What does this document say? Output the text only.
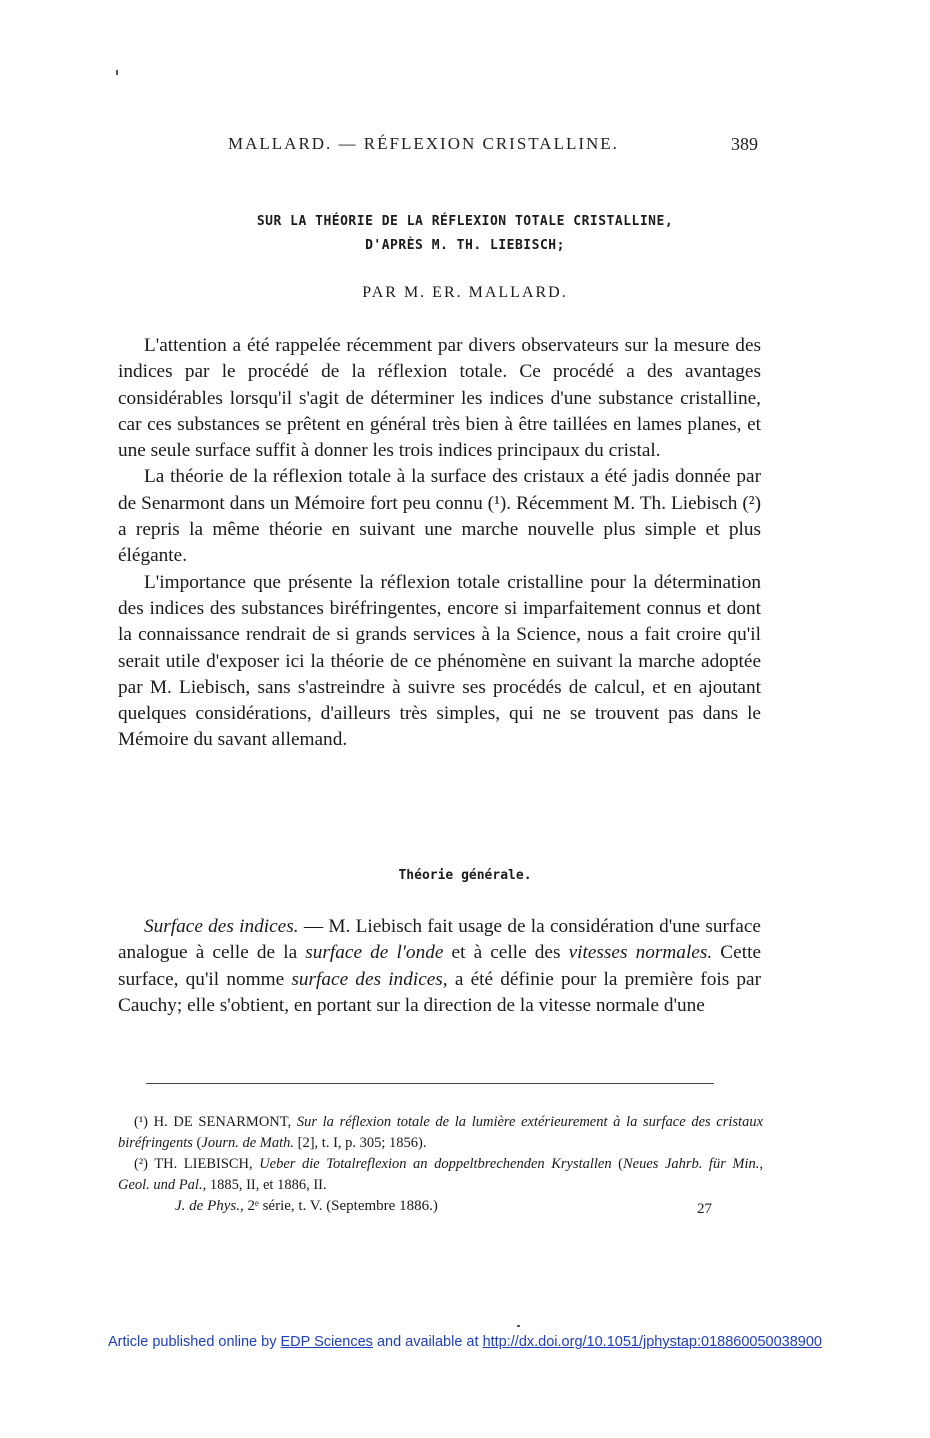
MALLARD. — RÉFLEXION CRISTALLINE.	389
SUR LA THÉORIE DE LA RÉFLEXION TOTALE CRISTALLINE,
D'APRÈS M. TH. LIEBISCH;
PAR M. ER. MALLARD.

L'attention a été rappelée récemment par divers observateurs sur la mesure des indices par le procédé de la réflexion totale. Ce procédé a des avantages considérables lorsqu'il s'agit de déterminer les indices d'une substance cristalline, car ces substances se prêtent en général très bien à être taillées en lames planes, et une seule surface suffit à donner les trois indices principaux du cristal.

La théorie de la réflexion totale à la surface des cristaux a été jadis donnée par de Senarmont dans un Mémoire fort peu connu (¹). Récemment M. Th. Liebisch (²) a repris la même théorie en suivant une marche nouvelle plus simple et plus élégante.

L'importance que présente la réflexion totale cristalline pour la détermination des indices des substances biréfringentes, encore si imparfaitement connus et dont la connaissance rendrait de si grands services à la Science, nous a fait croire qu'il serait utile d'exposer ici la théorie de ce phénomène en suivant la marche adoptée par M. Liebisch, sans s'astreindre à suivre ses procédés de calcul, et en ajoutant quelques considérations, d'ailleurs très simples, qui ne se trouvent pas dans le Mémoire du savant allemand.

Théorie générale.

Surface des indices. — M. Liebisch fait usage de la considération d'une surface analogue à celle de la surface de l'onde et à celle des vitesses normales. Cette surface, qu'il nomme surface des indices, a été définie pour la première fois par Cauchy; elle s'obtient, en portant sur la direction de la vitesse normale d'une

(¹) H. DE SENARMONT, Sur la réflexion totale de la lumière extérieurement à la surface des cristaux biréfringents (Journ. de Math. [2], t. I, p. 305; 1856).
(²) TH. LIEBISCH, Ueber die Totalreflexion an doppeltbrechenden Krystallen (Neues Jahrb. für Min., Geol. und Pal., 1885, II, et 1886, II.
J. de Phys., 2ᵉ série, t. V. (Septembre 1886.)	27
Article published online by EDP Sciences and available at http://dx.doi.org/10.1051/jphystap:018860050038900
